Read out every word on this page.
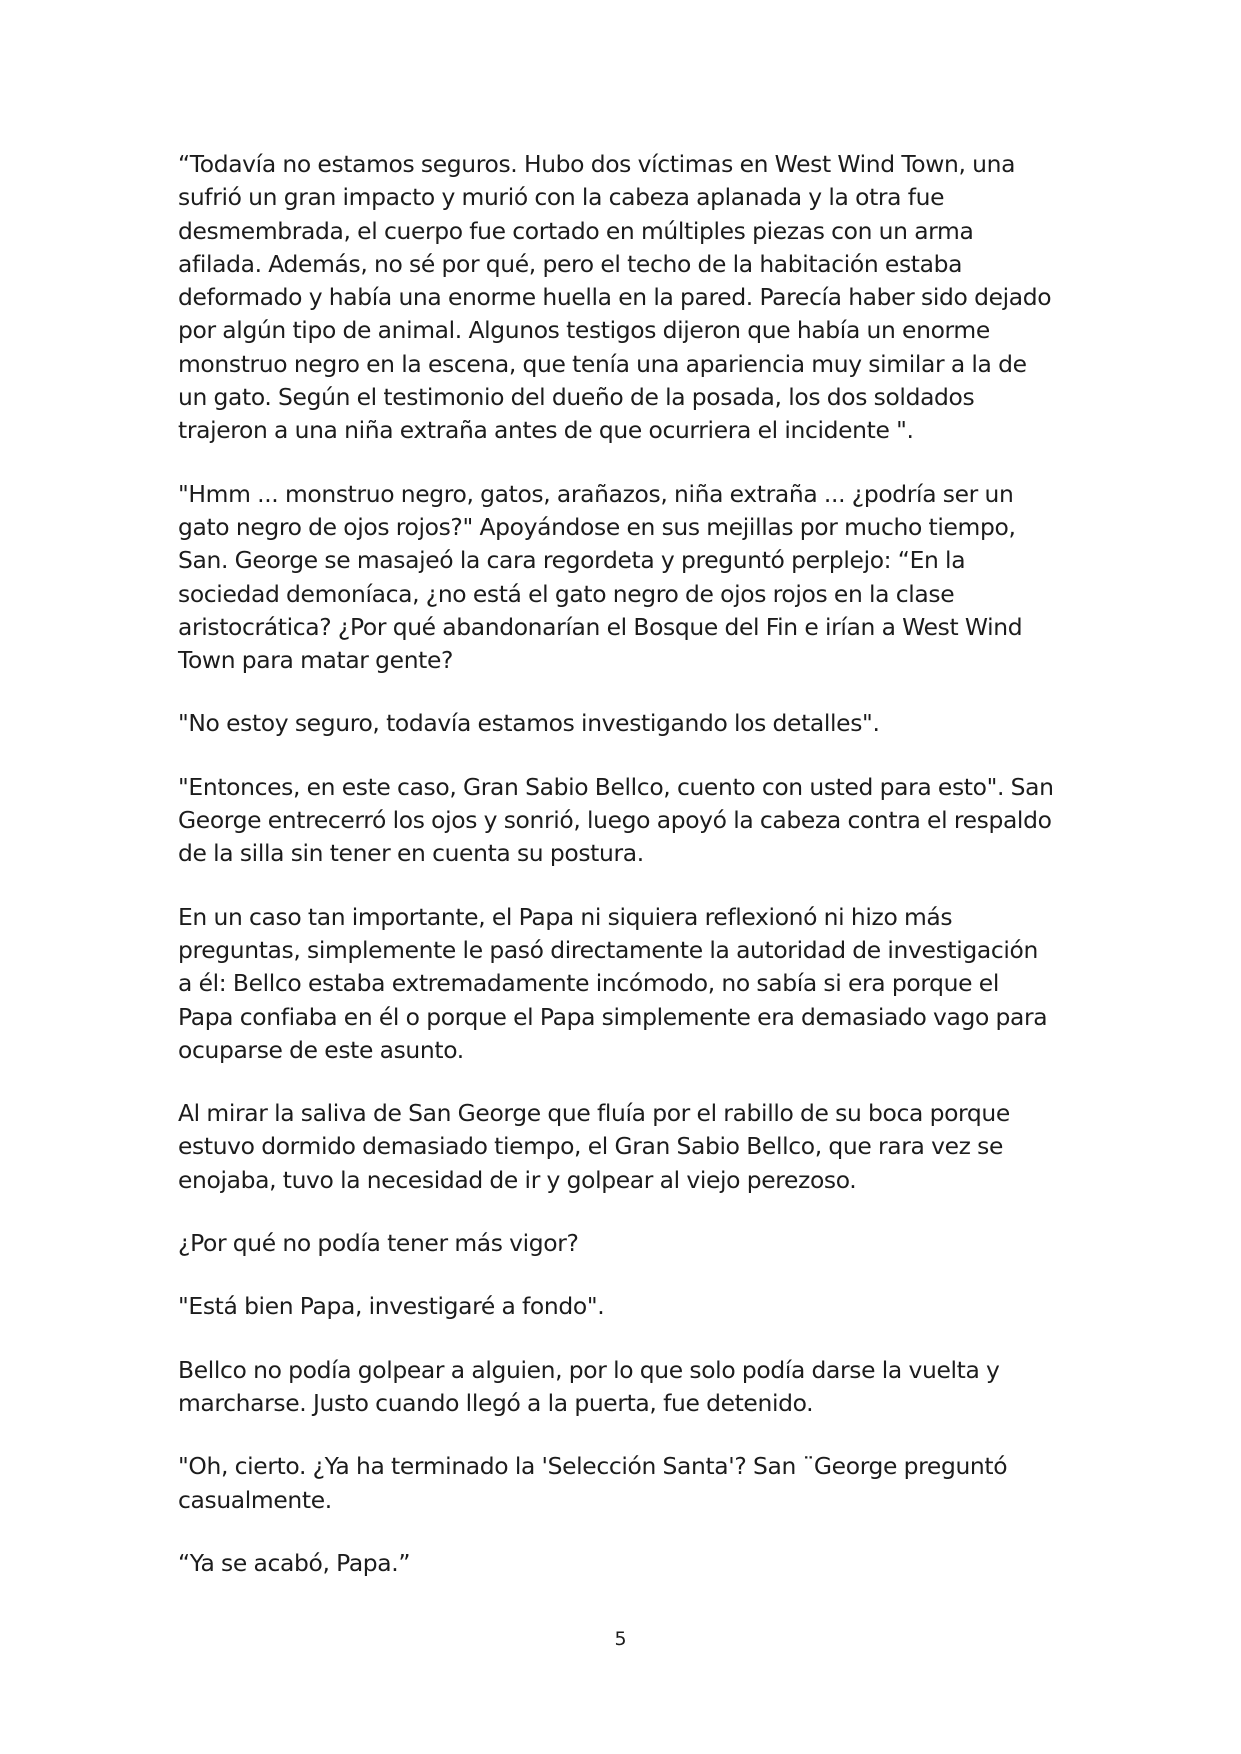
“Todavía no estamos seguros. Hubo dos víctimas en West Wind Town, una sufrió un gran impacto y murió con la cabeza aplanada y la otra fue desmembrada, el cuerpo fue cortado en múltiples piezas con un arma afilada. Además, no sé por qué, pero el techo de la habitación estaba deformado y había una enorme huella en la pared. Parecía haber sido dejado por algún tipo de animal. Algunos testigos dijeron que había un enorme monstruo negro en la escena, que tenía una apariencia muy similar a la de un gato. Según el testimonio del dueño de la posada, los dos soldados trajeron a una niña extraña antes de que ocurriera el incidente ".

"Hmm ... monstruo negro, gatos, arañazos, niña extraña ... ¿podría ser un gato negro de ojos rojos?" Apoyándose en sus mejillas por mucho tiempo, San. George se masajeó la cara regordeta y preguntó perplejo: “En la sociedad demoníaca, ¿no está el gato negro de ojos rojos en la clase aristocrática? ¿Por qué abandonarían el Bosque del Fin e irían a West Wind Town para matar gente?

"No estoy seguro, todavía estamos investigando los detalles".

"Entonces, en este caso, Gran Sabio Bellco, cuento con usted para esto". San George entrecerró los ojos y sonrió, luego apoyó la cabeza contra el respaldo de la silla sin tener en cuenta su postura.

En un caso tan importante, el Papa ni siquiera reflexionó ni hizo más preguntas, simplemente le pasó directamente la autoridad de investigación a él: Bellco estaba extremadamente incómodo, no sabía si era porque el Papa confiaba en él o porque el Papa simplemente era demasiado vago para ocuparse de este asunto.

Al mirar la saliva de San George que fluía por el rabillo de su boca porque estuvo dormido demasiado tiempo, el Gran Sabio Bellco, que rara vez se enojaba, tuvo la necesidad de ir y golpear al viejo perezoso.

¿Por qué no podía tener más vigor?

"Está bien Papa, investigaré a fondo".

Bellco no podía golpear a alguien, por lo que solo podía darse la vuelta y marcharse. Justo cuando llegó a la puerta, fue detenido.

"Oh, cierto. ¿Ya ha terminado la 'Selección Santa'? San ¨George preguntó casualmente.

“Ya se acabó, Papa.”

5
